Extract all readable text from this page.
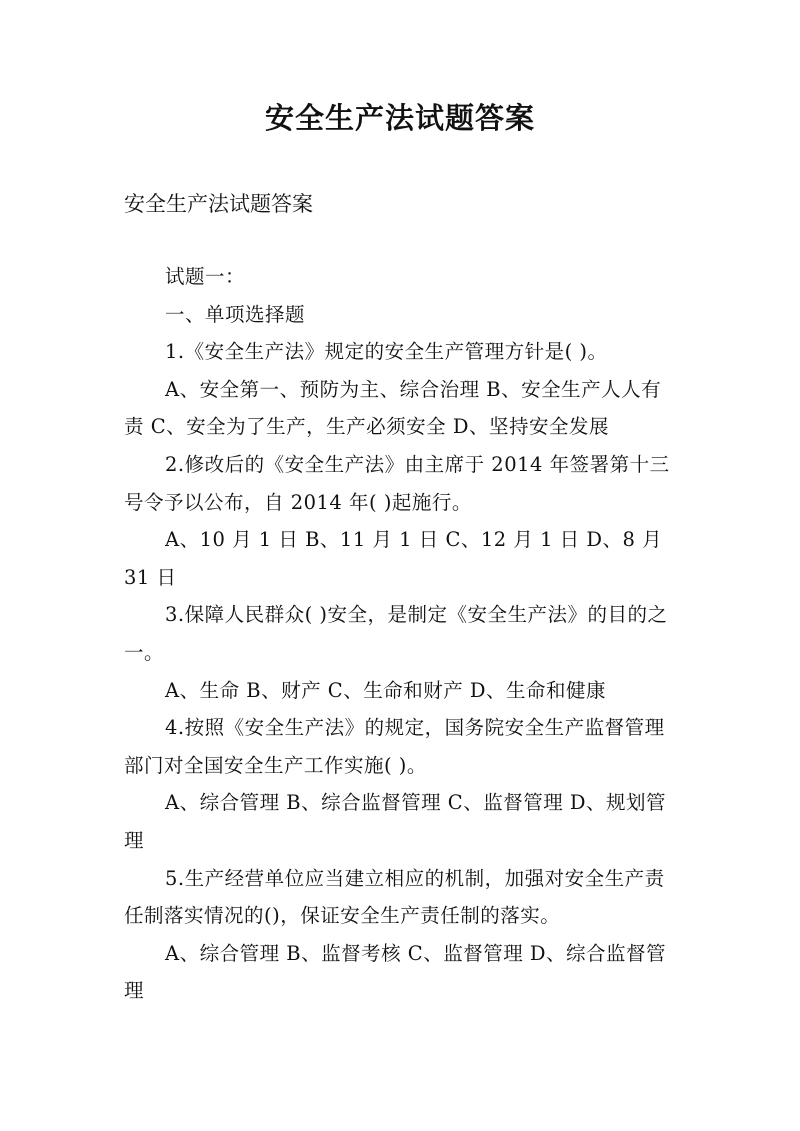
安全生产法试题答案
安全生产法试题答案

试题一：

一、单项选择题

1.《安全生产法》规定的安全生产管理方针是( )。

A、安全第一、预防为主、综合治理 B、安全生产人人有责 C、安全为了生产，生产必须安全 D、坚持安全发展

2.修改后的《安全生产法》由主席于 2014 年签署第十三号令予以公布，自 2014 年( )起施行。

A、10 月 1 日 B、11 月 1 日 C、12 月 1 日 D、8 月 31 日

3.保障人民群众( )安全，是制定《安全生产法》的目的之一。

A、生命 B、财产 C、生命和财产 D、生命和健康

4.按照《安全生产法》的规定，国务院安全生产监督管理部门对全国安全生产工作实施( )。

A、综合管理 B、综合监督管理 C、监督管理 D、规划管理

5.生产经营单位应当建立相应的机制，加强对安全生产责任制落实情况的()，保证安全生产责任制的落实。

A、综合管理 B、监督考核 C、监督管理 D、综合监督管理
